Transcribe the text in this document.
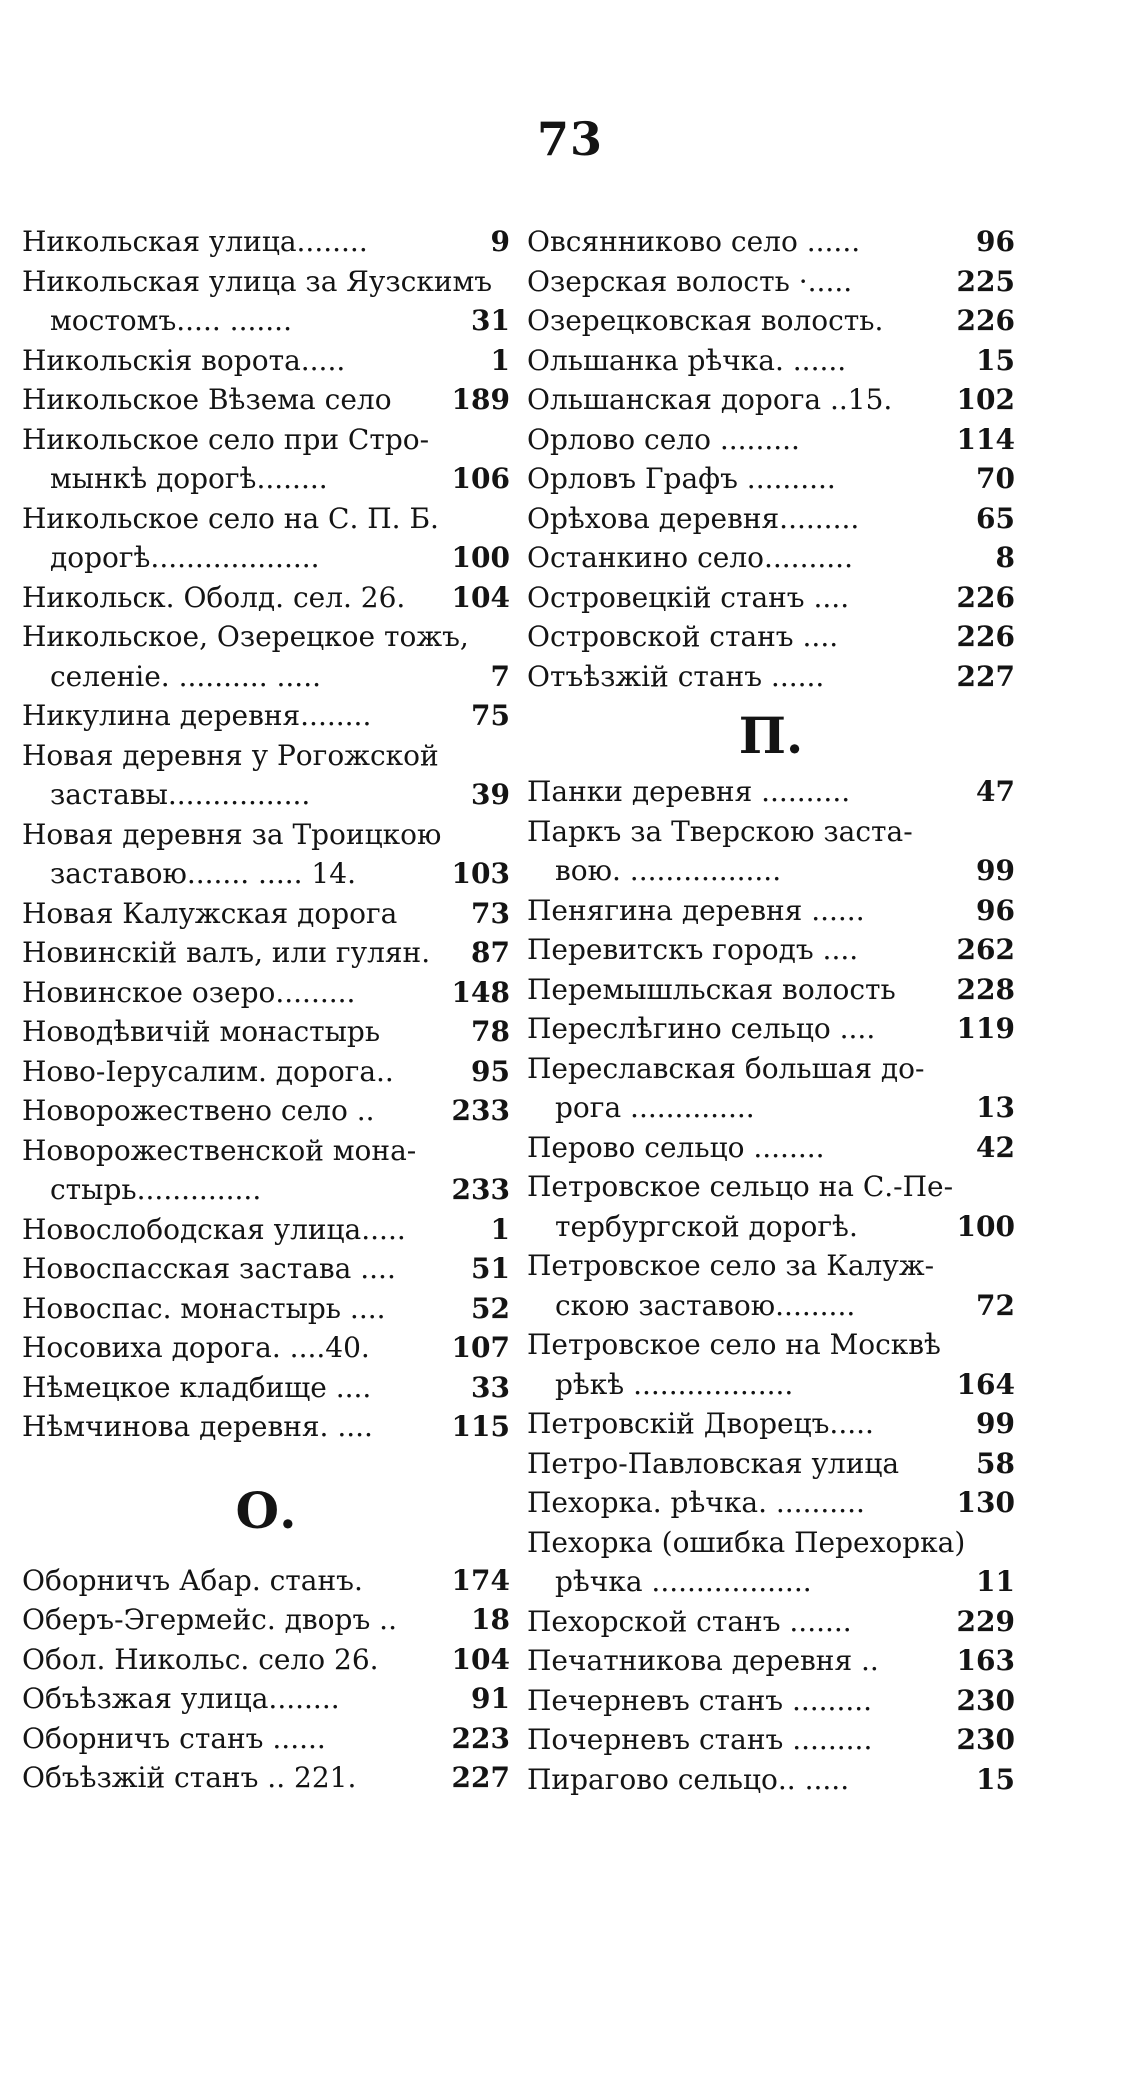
73
Никольская улица........	9
Никольская улица за Яузскимъ
мостомъ..... .......	31
Никольскія ворота.....	1
Никольское Вѣзема село 189
Никольское село при Стро-
мынкѣ дорогѣ........	106
Никольское село на С. П. Б.
дорогѣ...................	100
Никольск. Оболд. сел. 26. 104
Никольское, Озерецкое тожъ,
селеніе. .......... .....	7
Никулина деревня........	75
Новая деревня у Рогожской
заставы................	39
Новая деревня за Троицкою
заставою....... ..... 14.	103
Новая Калужская дорога	73
Новинскій валъ, или гулян. 87
Новинское озеро.........	148
Новодѣвичій монастырь	78
Ново-Іерусалим. дорога..	95
Новорожествено село ..	233
Новорожественской мона-
стырь..............	233
Новослободская улица.....	1
Новоспасская застава ....	51
Новоспас. монастырь ....	52
Носовиха дорога. ....40.	107
Нѣмецкое кладбище ....	33
Нѣмчинова деревня. ....	115
О.
Оборничъ Абар. станъ.	174
Оберъ-Эгермейс. дворъ ..	18
Обол. Никольс. село 26.	104
Объѣзжая улица........	91
Оборничъ станъ ......	223
Объѣзжій станъ .. 221.	227
Овсянниково село ......	96
Озерская волость ·.....	225
Озерецковская волость.	226
Ольшанка рѣчка. ......	15
Ольшанская дорога ..15. 102
Орлово село .........	114
Орловъ Графъ ..........	70
Орѣхова деревня.........	65
Останкино село..........	8
Островецкій станъ ....	226
Островской станъ ....	226
Отъѣзжій станъ ......	227
П.
Панки деревня ..........	47
Паркъ за Тверскою заста-
вою. .................	99
Пенягина деревня ......	96
Перевитскъ городъ ....	262
Перемышльская волость 228
Переслѣгино сельцо ....	119
Переславская большая до-
рога ..............	13
Перово сельцо ........	42
Петровское сельцо на С.-Пе-
тербургской дорогѣ.	100
Петровское село за Калуж-
скою заставою.........	72
Петровское село на Москвѣ
рѣкѣ ..................	164
Петровскій Дворецъ.....	99
Петро-Павловская улица	58
Пехорка. рѣчка. ..........	130
Пехорка (ошибка Перехорка)
рѣчка ..................	11
Пехорской станъ .......	229
Печатникова деревня ..	163
Печерневъ станъ .........	230
Почерневъ станъ .........	230
Пирагово сельцо.. .....	15
